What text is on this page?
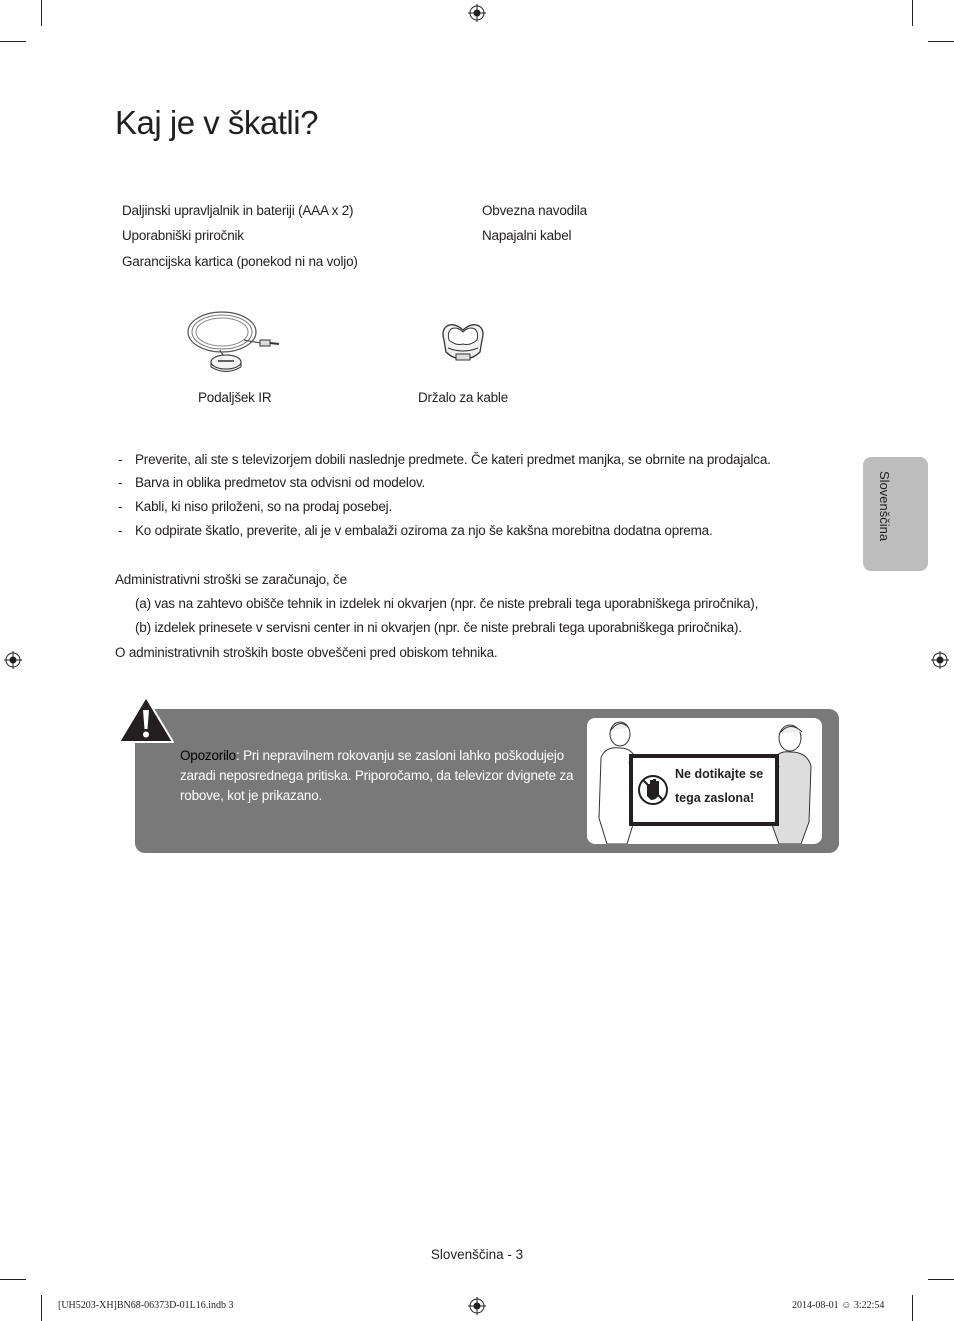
Kaj je v škatli?
Daljinski upravljalnik in bateriji (AAA x 2)
Uporabniški priročnik
Garancijska kartica (ponekod ni na voljo)
Obvezna navodila
Napajalni kabel
Podaljšek IR	Držalo za kable
- Preverite, ali ste s televizorjem dobili naslednje predmete. Če kateri predmet manjka, se obrnite na prodajalca.
- Barva in oblika predmetov sta odvisni od modelov.
- Kabli, ki niso priloženi, so na prodaj posebej.
- Ko odpirate škatlo, preverite, ali je v embalaži oziroma za njo še kakšna morebitna dodatna oprema.
Administrativni stroški se zaračunajo, če
(a) vas na zahtevo obišče tehnik in izdelek ni okvarjen (npr. če niste prebrali tega uporabniškega priročnika),
(b) izdelek prinesete v servisni center in ni okvarjen (npr. če niste prebrali tega uporabniškega priročnika).
O administrativnih stroških boste obveščeni pred obiskom tehnika.
Slovenščina
Opozorilo: Pri nepravilnem rokovanju se zasloni lahko poškodujejo zaradi neposrednega pritiska. Priporočamo, da televizor dvignete za robove, kot je prikazano.
Ne dotikajte se
tega zaslona!
Slovenščina - 3
[UH5203-XH]BN68-06373D-01L16.indb 3	2014-08-01 ☺ 3:22:54
